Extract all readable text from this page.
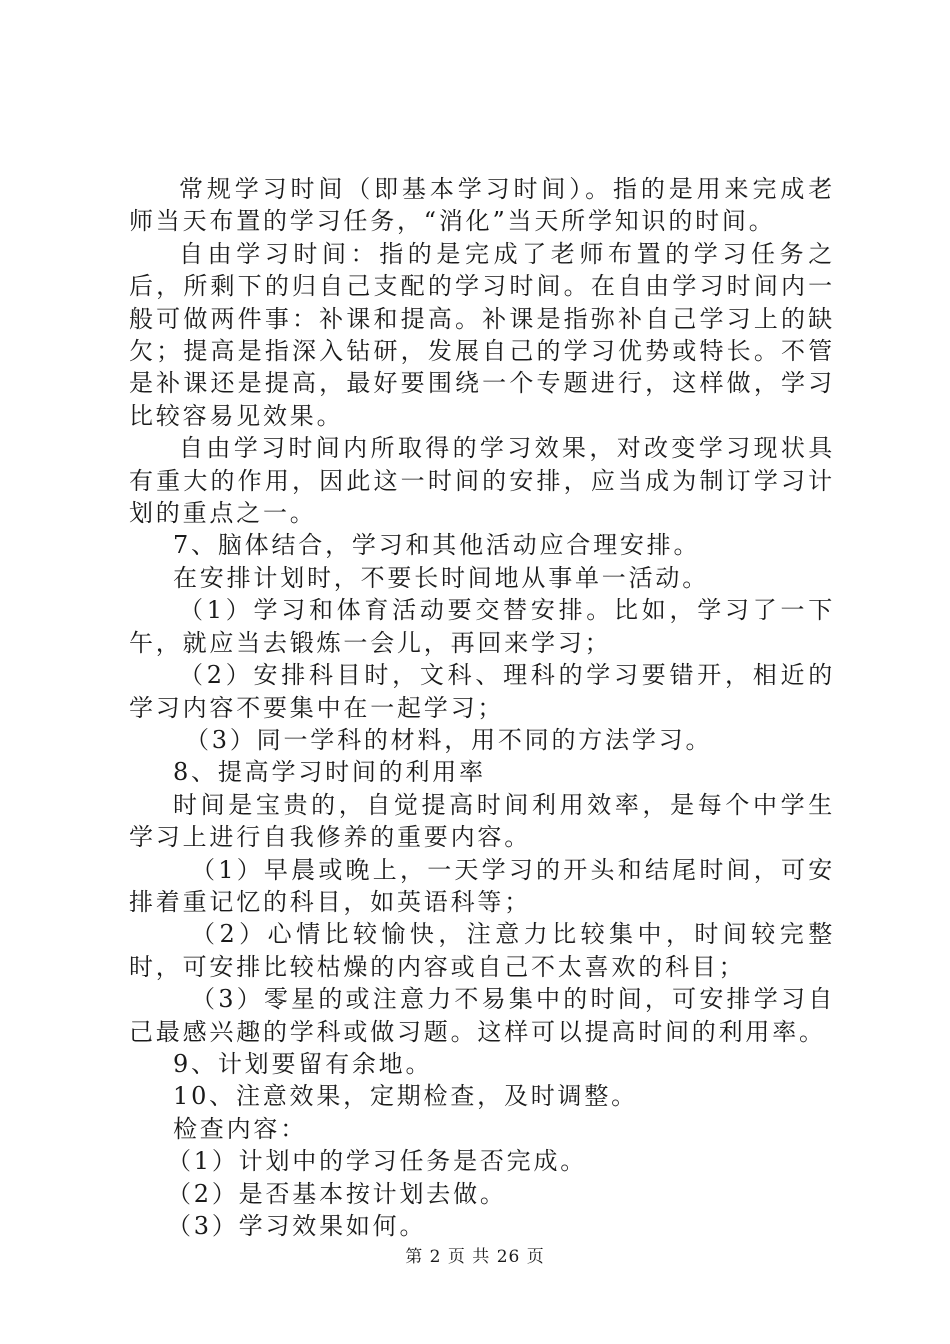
常规学习时间（即基本学习时间）。指的是用来完成老师当天布置的学习任务，“消化”当天所学知识的时间。

自由学习时间：指的是完成了老师布置的学习任务之后，所剩下的归自己支配的学习时间。在自由学习时间内一般可做两件事：补课和提高。补课是指弥补自己学习上的缺欠；提高是指深入钻研，发展自己的学习优势或特长。不管是补课还是提高，最好要围绕一个专题进行，这样做，学习比较容易见效果。

自由学习时间内所取得的学习效果，对改变学习现状具有重大的作用，因此这一时间的安排，应当成为制订学习计划的重点之一。

7、脑体结合，学习和其他活动应合理安排。

在安排计划时，不要长时间地从事单一活动。

（1）学习和体育活动要交替安排。比如，学习了一下午，就应当去锻炼一会儿，再回来学习；

（2）安排科目时，文科、理科的学习要错开，相近的学习内容不要集中在一起学习；

（3）同一学科的材料，用不同的方法学习。

8、提高学习时间的利用率

时间是宝贵的，自觉提高时间利用效率，是每个中学生学习上进行自我修养的重要内容。

（1）早晨或晚上，一天学习的开头和结尾时间，可安排着重记忆的科目，如英语科等；

（2）心情比较愉快，注意力比较集中，时间较完整时，可安排比较枯燥的内容或自己不太喜欢的科目；

（3）零星的或注意力不易集中的时间，可安排学习自己最感兴趣的学科或做习题。这样可以提高时间的利用率。

9、计划要留有余地。

10、注意效果，定期检查，及时调整。

检查内容：

（1）计划中的学习任务是否完成。

（2）是否基本按计划去做。

（3）学习效果如何。

第 2 页 共 26 页
